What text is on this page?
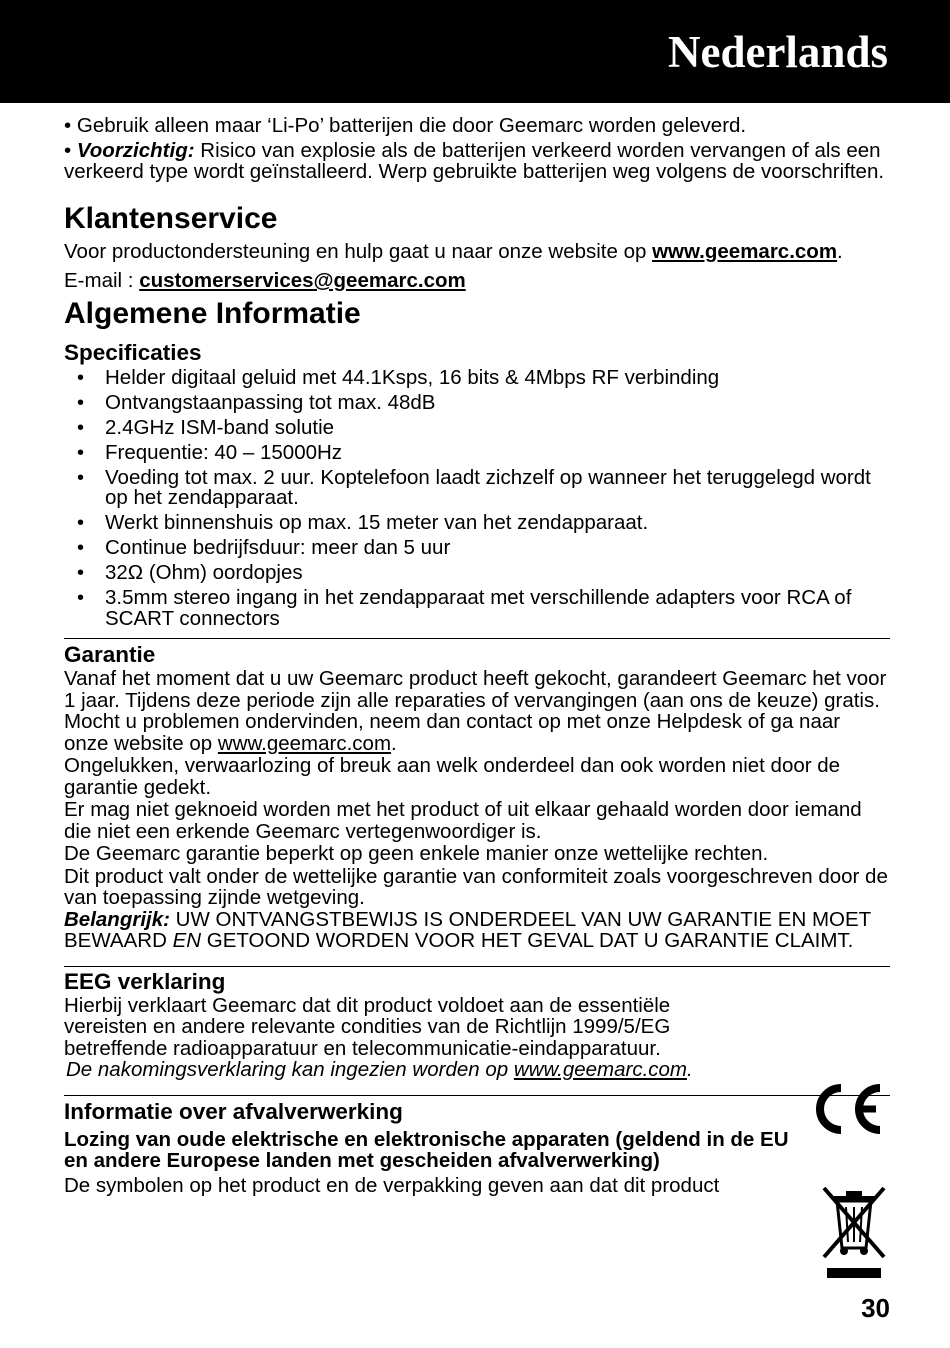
Nederlands

• Gebruik alleen maar ‘Li-Po’ batterijen die door Geemarc worden geleverd.

• Voorzichtig: Risico van explosie als de batterijen verkeerd worden vervangen of als een verkeerd type wordt geïnstalleerd. Werp gebruikte batterijen weg volgens de voorschriften.

Klantenservice

Voor productondersteuning en hulp gaat u naar onze website op www.geemarc.com.

E-mail : customerservices@geemarc.com

Algemene Informatie
Specificaties
• Helder digitaal geluid met 44.1Ksps, 16 bits & 4Mbps RF verbinding
• Ontvangstaanpassing tot max. 48dB
• 2.4GHz ISM-band solutie
• Frequentie: 40 – 15000Hz
• Voeding tot max. 2 uur. Koptelefoon laadt zichzelf op wanneer het teruggelegd wordt op het zendapparaat.
• Werkt binnenshuis op max. 15 meter van het zendapparaat.
• Continue bedrijfsduur: meer dan 5 uur
• 32Ω (Ohm) oordopjes
• 3.5mm stereo ingang in het zendapparaat met verschillende adapters voor RCA of SCART connectors
Garantie

Vanaf het moment dat u uw Geemarc product heeft gekocht, garandeert Geemarc het voor 1 jaar. Tijdens deze periode zijn alle reparaties of vervangingen (aan ons de keuze) gratis. Mocht u problemen ondervinden, neem dan contact op met onze Helpdesk of ga naar onze website op www.geemarc.com.

Ongelukken, verwaarlozing of breuk aan welk onderdeel dan ook worden niet door de garantie gedekt.

Er mag niet geknoeid worden met het product of uit elkaar gehaald worden door iemand die niet een erkende Geemarc vertegenwoordiger is.

De Geemarc garantie beperkt op geen enkele manier onze wettelijke rechten.

Dit product valt onder de wettelijke garantie van conformiteit zoals voorgeschreven door de van toepassing zijnde wetgeving.

Belangrijk: UW ONTVANGSTBEWIJS IS ONDERDEEL VAN UW GARANTIE EN MOET BEWAARD EN GETOOND WORDEN VOOR HET GEVAL DAT U GARANTIE CLAIMT.

EEG verklaring

Hierbij verklaart Geemarc dat dit product voldoet aan de essentiële vereisten en andere relevante condities van de Richtlijn 1999/5/EG betreffende radioapparatuur en telecommunicatie-eindapparatuur.

De nakomingsverklaring kan ingezien worden op www.geemarc.com.

Informatie over afvalverwerking

Lozing van oude elektrische en elektronische apparaten (geldend in de EU en andere Europese landen met gescheiden afvalverwerking)

De symbolen op het product en de verpakking geven aan dat dit product

30
